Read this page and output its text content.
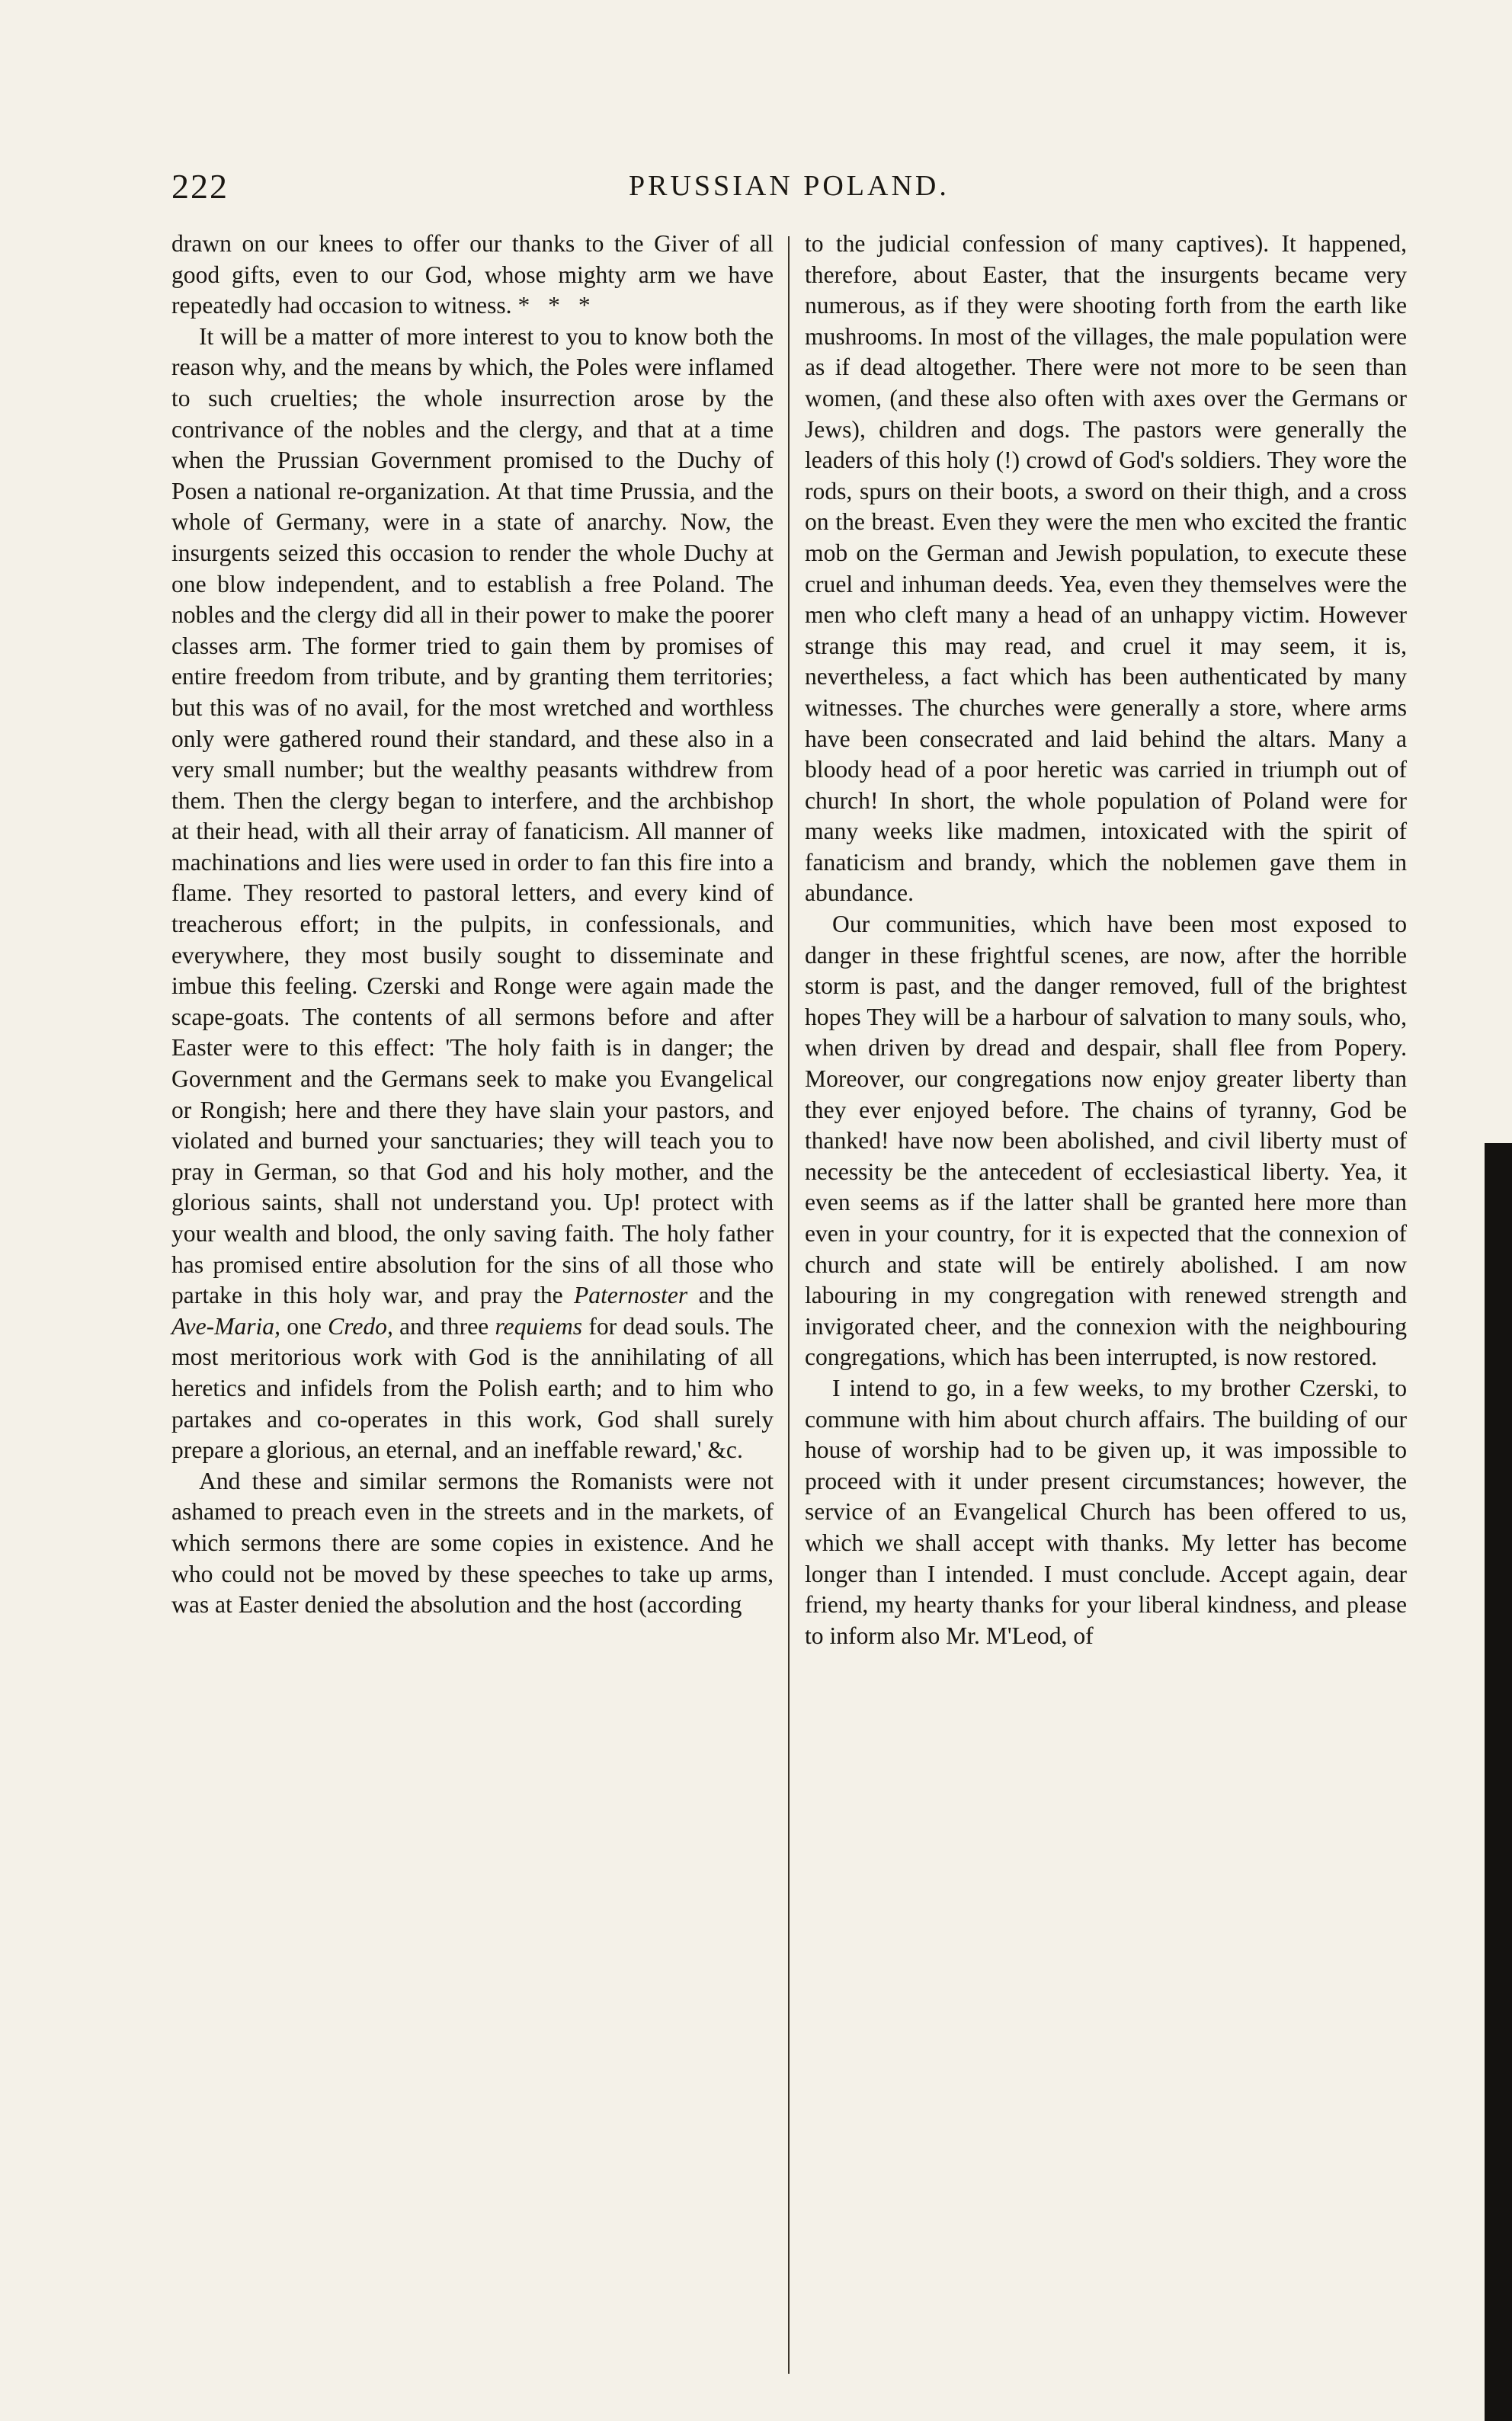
222	PRUSSIAN POLAND.

drawn on our knees to offer our thanks to the Giver of all good gifts, even to our God, whose mighty arm we have repeatedly had occasion to witness. * * *

It will be a matter of more interest to you to know both the reason why, and the means by which, the Poles were inflamed to such cruelties; the whole insurrection arose by the contrivance of the nobles and the clergy, and that at a time when the Prussian Government promised to the Duchy of Posen a national re-organization. At that time Prussia, and the whole of Germany, were in a state of anarchy. Now, the insurgents seized this occasion to render the whole Duchy at one blow independent, and to establish a free Poland. The nobles and the clergy did all in their power to make the poorer classes arm. The former tried to gain them by promises of entire freedom from tribute, and by granting them territories; but this was of no avail, for the most wretched and worthless only were gathered round their standard, and these also in a very small number; but the wealthy peasants withdrew from them. Then the clergy began to interfere, and the archbishop at their head, with all their array of fanaticism. All manner of machinations and lies were used in order to fan this fire into a flame. They resorted to pastoral letters, and every kind of treacherous effort; in the pulpits, in confessionals, and everywhere, they most busily sought to disseminate and imbue this feeling. Czerski and Ronge were again made the scape-goats. The contents of all sermons before and after Easter were to this effect: 'The holy faith is in danger; the Government and the Germans seek to make you Evangelical or Rongish; here and there they have slain your pastors, and violated and burned your sanctuaries; they will teach you to pray in German, so that God and his holy mother, and the glorious saints, shall not understand you. Up! protect with your wealth and blood, the only saving faith. The holy father has promised entire absolution for the sins of all those who partake in this holy war, and pray the Paternoster and the Ave-Maria, one Credo, and three requiems for dead souls. The most meritorious work with God is the annihilating of all heretics and infidels from the Polish earth; and to him who partakes and co-operates in this work, God shall surely prepare a glorious, an eternal, and an ineffable reward,' &c.

And these and similar sermons the Romanists were not ashamed to preach even in the streets and in the markets, of which sermons there are some copies in existence. And he who could not be moved by these speeches to take up arms, was at Easter denied the absolution and the host (according

to the judicial confession of many captives). It happened, therefore, about Easter, that the insurgents became very numerous, as if they were shooting forth from the earth like mushrooms. In most of the villages, the male population were as if dead altogether. There were not more to be seen than women, (and these also often with axes over the Germans or Jews), children and dogs. The pastors were generally the leaders of this holy (!) crowd of God's soldiers. They wore the rods, spurs on their boots, a sword on their thigh, and a cross on the breast. Even they were the men who excited the frantic mob on the German and Jewish population, to execute these cruel and inhuman deeds. Yea, even they themselves were the men who cleft many a head of an unhappy victim. However strange this may read, and cruel it may seem, it is, nevertheless, a fact which has been authenticated by many witnesses. The churches were generally a store, where arms have been consecrated and laid behind the altars. Many a bloody head of a poor heretic was carried in triumph out of church! In short, the whole population of Poland were for many weeks like madmen, intoxicated with the spirit of fanaticism and brandy, which the noblemen gave them in abundance.

Our communities, which have been most exposed to danger in these frightful scenes, are now, after the horrible storm is past, and the danger removed, full of the brightest hopes They will be a harbour of salvation to many souls, who, when driven by dread and despair, shall flee from Popery. Moreover, our congregations now enjoy greater liberty than they ever enjoyed before. The chains of tyranny, God be thanked! have now been abolished, and civil liberty must of necessity be the antecedent of ecclesiastical liberty. Yea, it even seems as if the latter shall be granted here more than even in your country, for it is expected that the connexion of church and state will be entirely abolished. I am now labouring in my congregation with renewed strength and invigorated cheer, and the connexion with the neighbouring congregations, which has been interrupted, is now restored.

I intend to go, in a few weeks, to my brother Czerski, to commune with him about church affairs. The building of our house of worship had to be given up, it was impossible to proceed with it under present circumstances; however, the service of an Evangelical Church has been offered to us, which we shall accept with thanks. My letter has become longer than I intended. I must conclude. Accept again, dear friend, my hearty thanks for your liberal kindness, and please to inform also Mr. M'Leod, of
